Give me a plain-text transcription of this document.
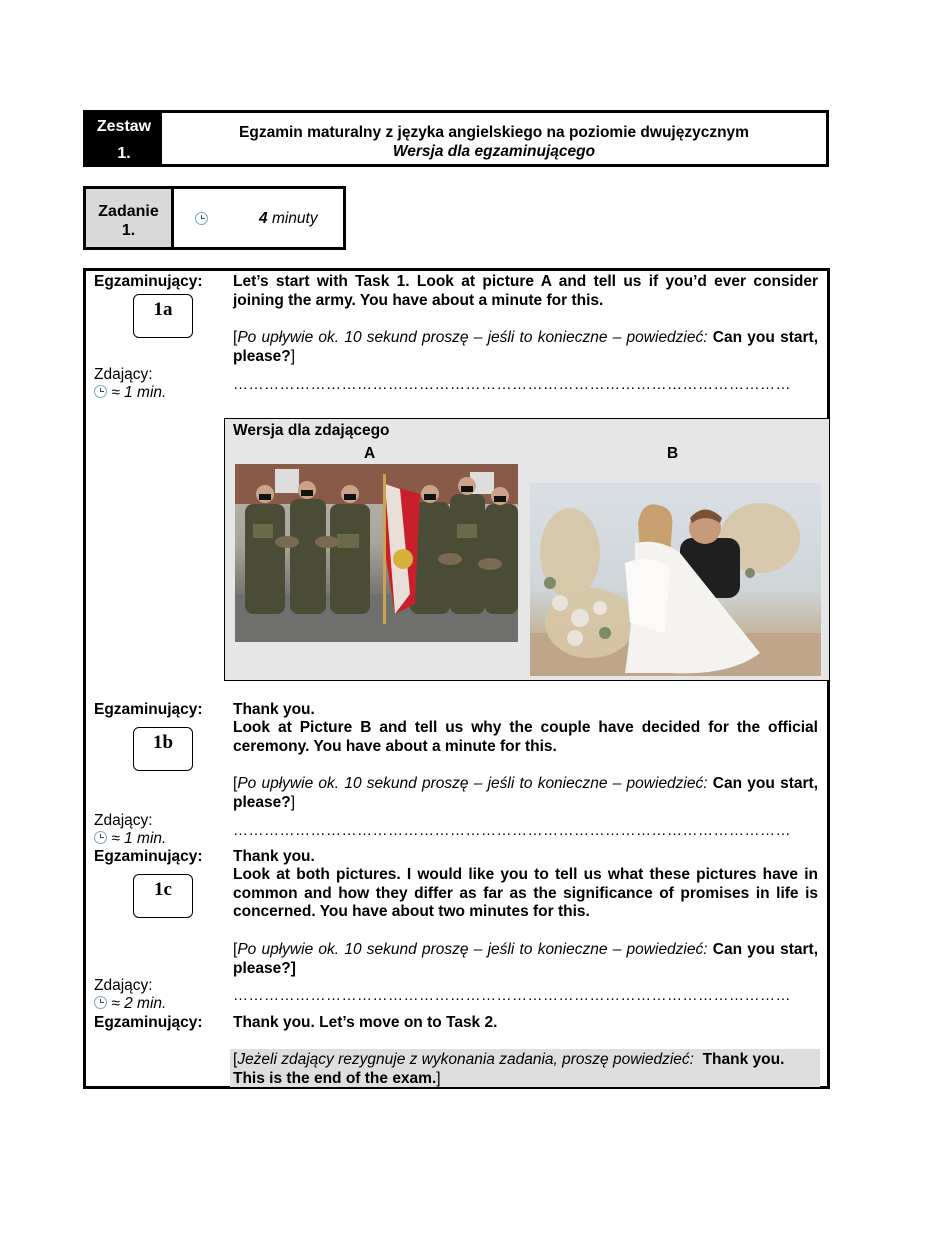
Zestaw
1.
Egzamin maturalny z języka angielskiego na poziomie dwujęzycznym
Wersja dla egzaminującego
Zadanie
1.
4 minuty
Egzaminujący:
1a
Let’s start with Task 1. Look at picture A and tell us if you’d ever consider joining the army. You have about a minute for this.
[Po upływie ok. 10 sekund proszę – jeśli to konieczne – powiedzieć: Can you start, please?]
Zdający:
≈ 1 min.	………………………………………………………………………………………………
Wersja dla zdającego
A	B
Egzaminujący:
1b
Thank you.
Look at Picture B and tell us why the couple have decided for the official ceremony. You have about a minute for this.
[Po upływie ok. 10 sekund proszę – jeśli to konieczne – powiedzieć: Can you start, please?]
Zdający:
≈ 1 min.	………………………………………………………………………………………………
Egzaminujący:
1c
Thank you.
Look at both pictures. I would like you to tell us what these pictures have in common and how they differ as far as the significance of promises in life is concerned. You have about two minutes for this.
[Po upływie ok. 10 sekund proszę – jeśli to konieczne – powiedzieć: Can you start, please?]
Zdający:
≈ 2 min.	………………………………………………………………………………………………
Egzaminujący: Thank you. Let’s move on to Task 2.
[Jeżeli zdający rezygnuje z wykonania zadania, proszę powiedzieć: Thank you. This is the end of the exam.]
